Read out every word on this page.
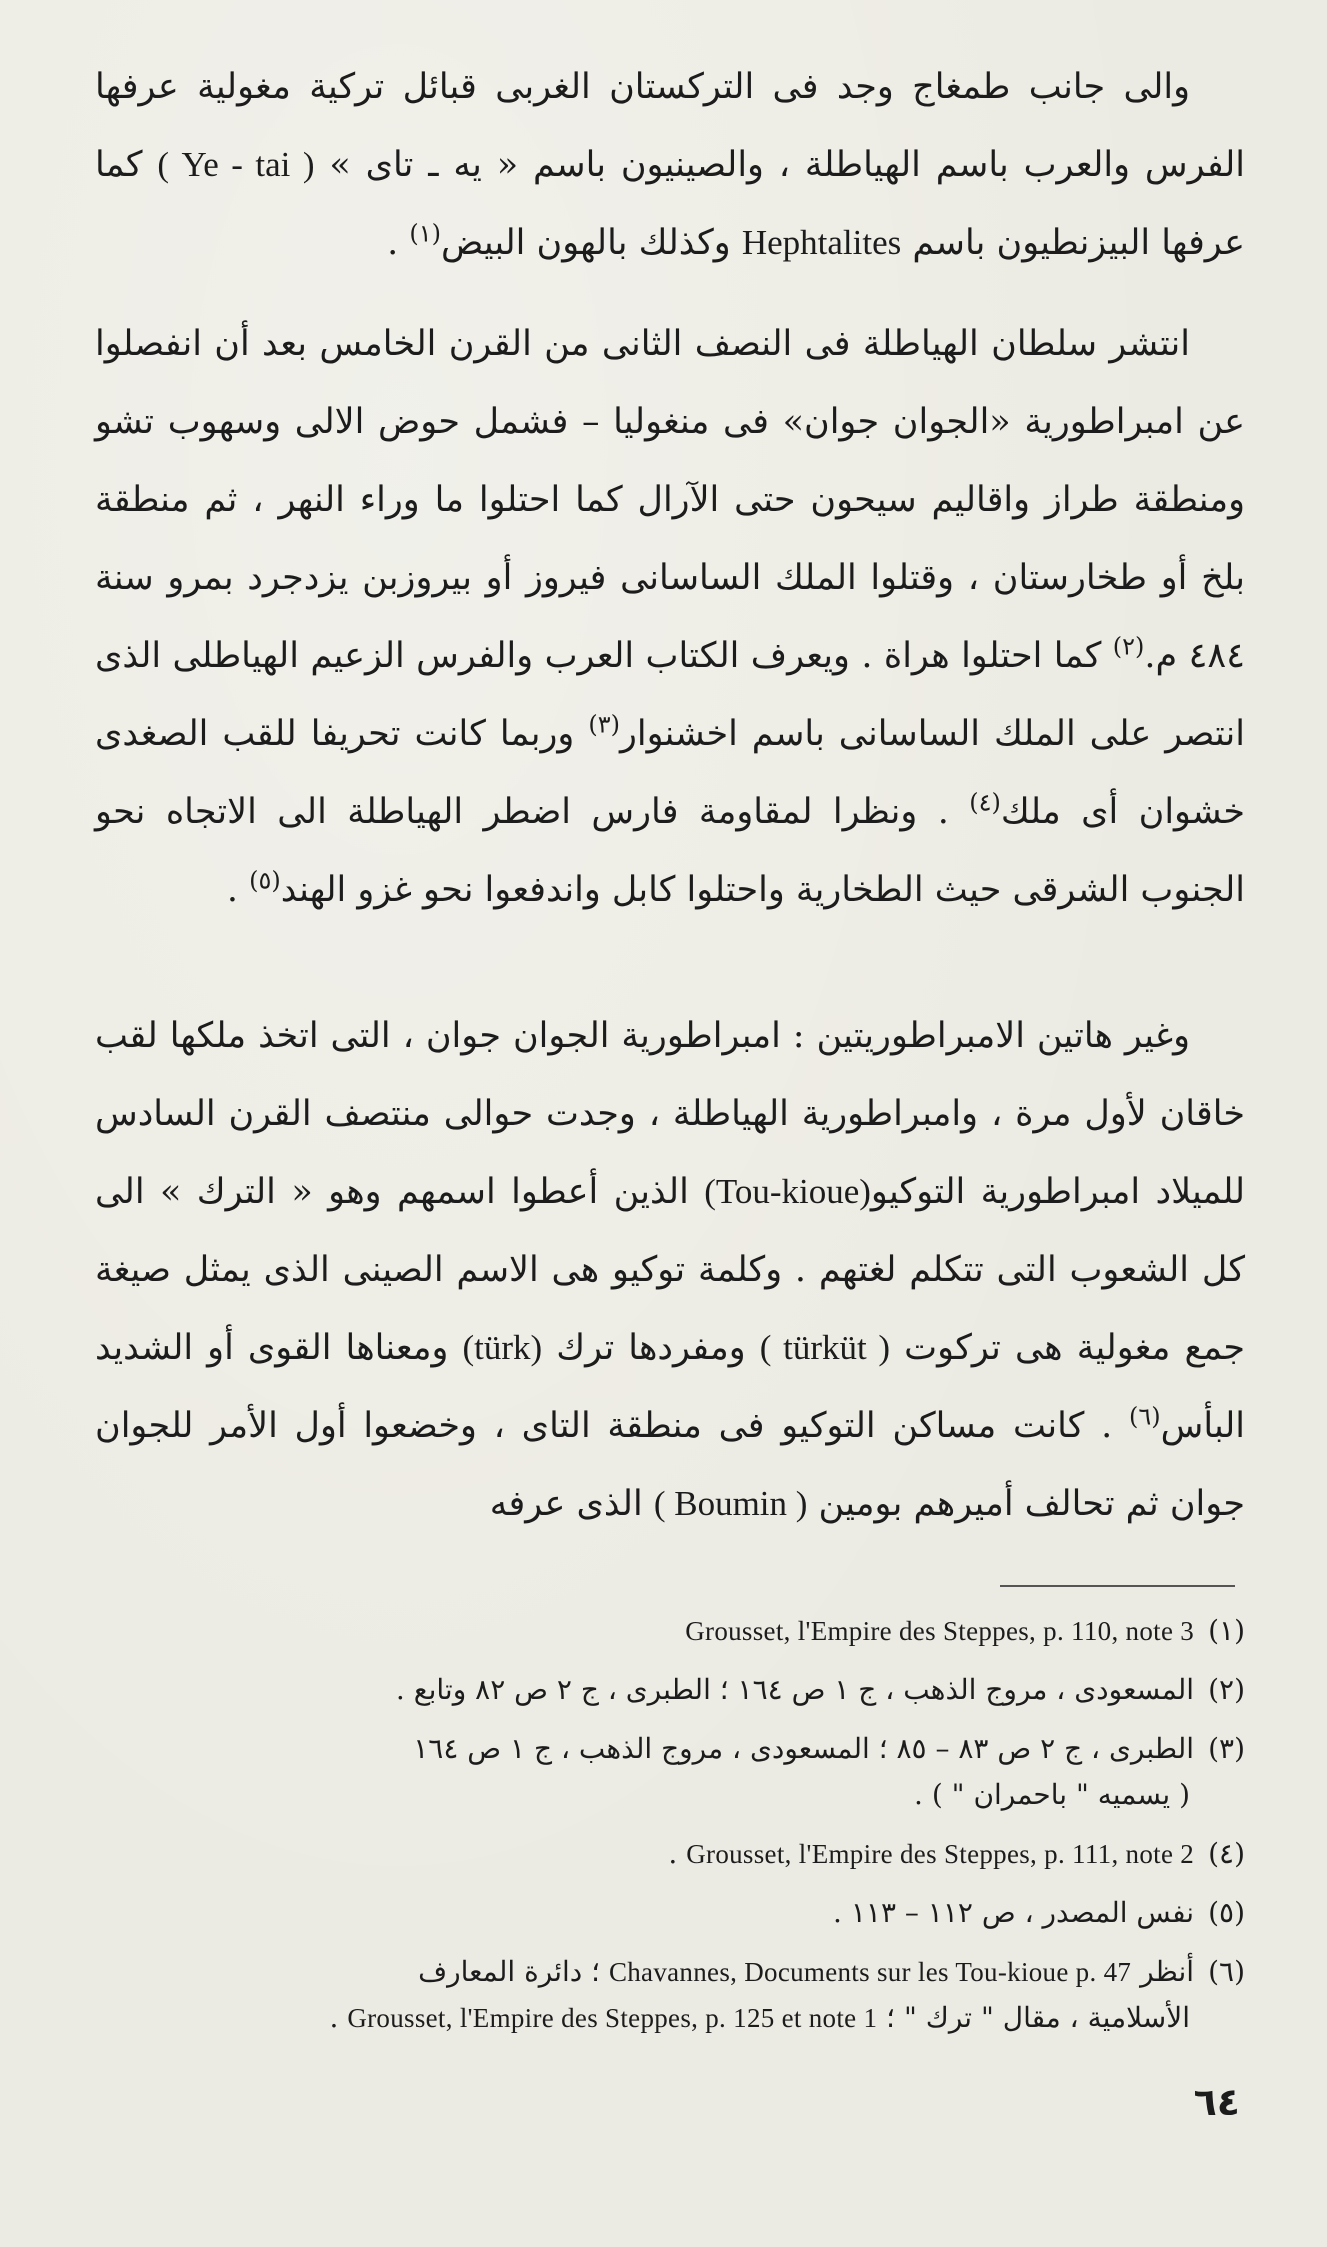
والى جانب طمغاج وجد فى التركستان الغربى قبائل تركية مغولية عرفها الفرس والعرب باسم الهياطلة ، والصينيون باسم « يه ـ تاى » ( Ye - tai ) كما عرفها البيزنطيون باسم Hephtalites وكذلك بالهون البيض$^{(١)}$ .

انتشر سلطان الهياطلة فى النصف الثانى من القرن الخامس بعد أن انفصلوا عن امبراطورية «الجوان جوان» فى منغوليا – فشمل حوض الالى وسهوب تشو ومنطقة طراز واقاليم سيحون حتى الآرال كما احتلوا ما وراء النهر ، ثم منطقة بلخ أو طخارستان ، وقتلوا الملك الساسانى فيروز أو بيروزبن يزدجرد بمرو سنة ٤٨٤ م.$^{(٢)}$ كما احتلوا هراة . ويعرف الكتاب العرب والفرس الزعيم الهياطلى الذى انتصر على الملك الساسانى باسم اخشنوار$^{(٣)}$ وربما كانت تحريفا للقب الصغدى خشوان أى ملك$^{(٤)}$ . ونظرا لمقاومة فارس اضطر الهياطلة الى الاتجاه نحو الجنوب الشرقى حيث الطخارية واحتلوا كابل واندفعوا نحو غزو الهند$^{(٥)}$ .

وغير هاتين الامبراطوريتين : امبراطورية الجوان جوان ، التى اتخذ ملكها لقب خاقان لأول مرة ، وامبراطورية الهياطلة ، وجدت حوالى منتصف القرن السادس للميلاد امبراطورية التوكيو(Tou-kioue) الذين أعطوا اسمهم وهو « الترك » الى كل الشعوب التى تتكلم لغتهم . وكلمة توكيو هى الاسم الصينى الذى يمثل صيغة جمع مغولية هى تركوت ( türküt ) ومفردها ترك (türk) ومعناها القوى أو الشديد البأس$^{(٦)}$ . كانت مساكن التوكيو فى منطقة التاى ، وخضعوا أول الأمر للجوان جوان ثم تحالف أميرهم بومين ( Boumin ) الذى عرفه

(١)Grousset, l'Empire des Steppes, p. 110, note 3
(٢)المسعودى ، مروج الذهب ، ج ١ ص ١٦٤ ؛ الطبرى ، ج ٢ ص ٨٢ وتابع .
(٣)الطبرى ، ج ٢ ص ٨٣ – ٨٥ ؛ المسعودى ، مروج الذهب ، ج ١ ص ١٦٤
( يسميه " باحمران " ) .
(٤)Grousset, l'Empire des Steppes, p. 111, note 2 .
(٥)نفس المصدر ، ص ١١٢ – ١١٣ .
(٦)أنظر Chavannes, Documents sur les Tou-kioue p. 47 ؛ دائرة المعارف
الأسلامية ، مقال " ترك " ؛ Grousset, l'Empire des Steppes, p. 125 et note 1 .
٦٤
